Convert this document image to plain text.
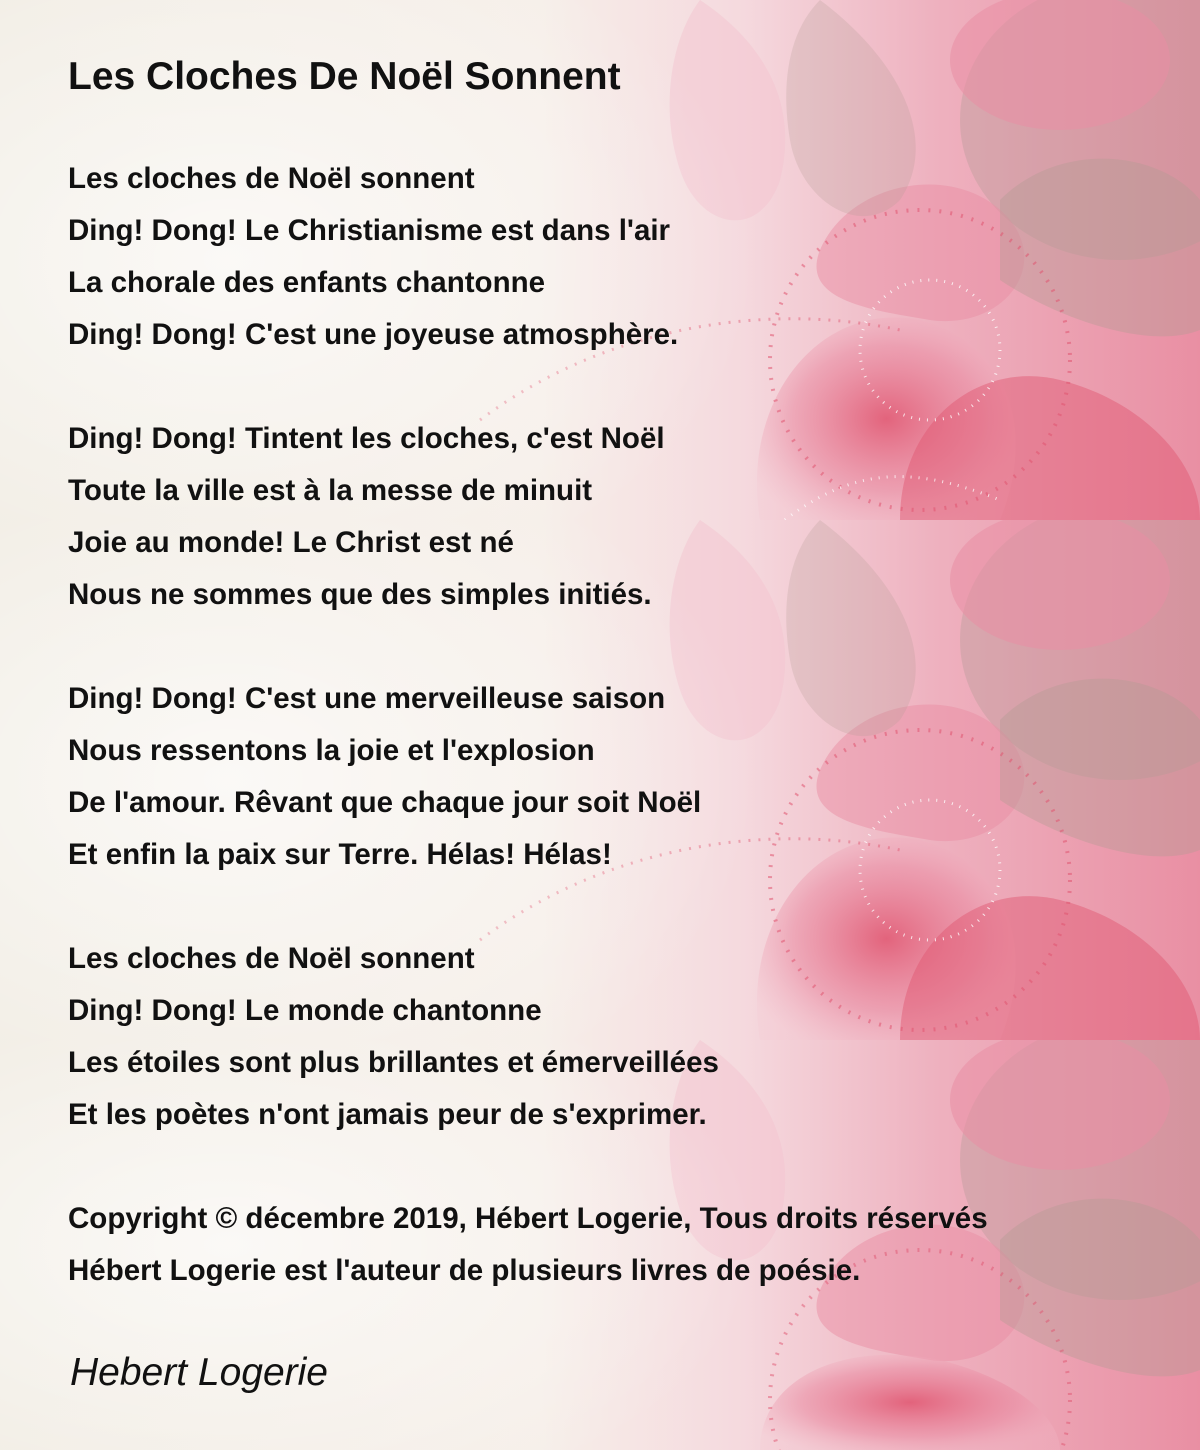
Les Cloches De Noël Sonnent
Les cloches de Noël sonnent
Ding! Dong! Le Christianisme est dans l'air
La chorale des enfants chantonne
Ding! Dong! C'est une joyeuse atmosphère.
Ding! Dong! Tintent les cloches, c'est Noël
Toute la ville est à la messe de minuit
Joie au monde! Le Christ est né
Nous ne sommes que des simples initiés.
Ding! Dong! C'est une merveilleuse saison
Nous ressentons la joie et l'explosion
De l'amour. Rêvant que chaque jour soit Noël
Et enfin la paix sur Terre. Hélas! Hélas!
Les cloches de Noël sonnent
Ding! Dong! Le monde chantonne
Les étoiles sont plus brillantes et émerveillées
Et les poètes n'ont jamais peur de s'exprimer.
Copyright © décembre 2019, Hébert Logerie, Tous droits réservés
Hébert Logerie est l'auteur de plusieurs livres de poésie.
Hebert Logerie
